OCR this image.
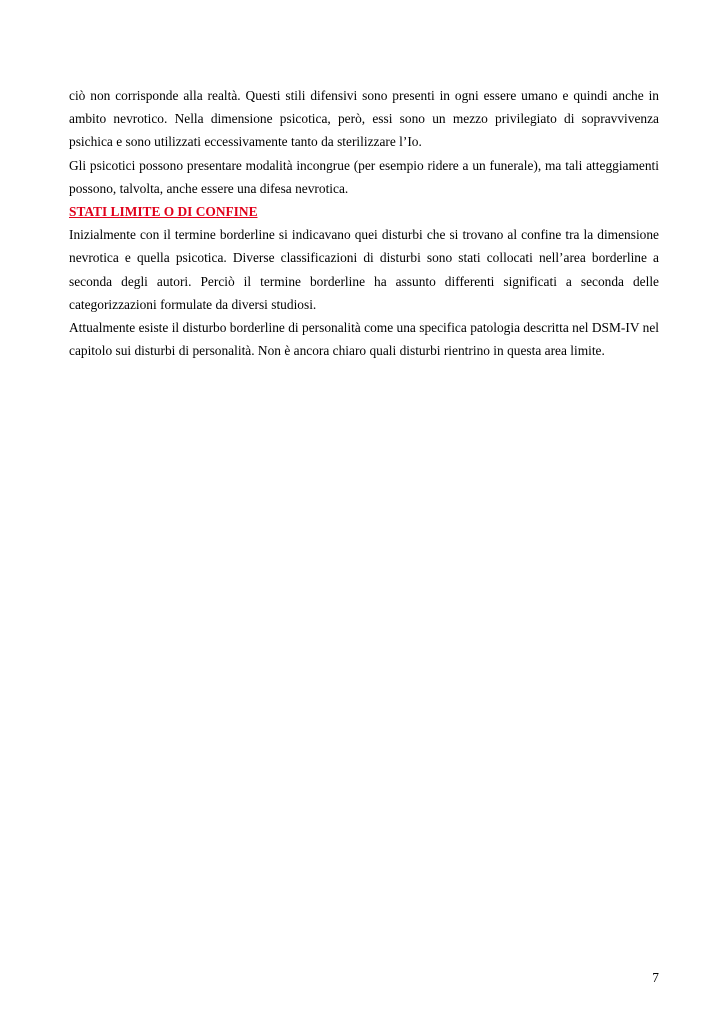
ciò non corrisponde alla realtà. Questi stili difensivi sono presenti in ogni essere umano e quindi anche in ambito nevrotico. Nella dimensione psicotica, però, essi sono un mezzo privilegiato di sopravvivenza psichica e sono utilizzati eccessivamente tanto da sterilizzare l’Io.

Gli psicotici possono presentare modalità incongrue (per esempio ridere a un funerale), ma tali atteggiamenti possono, talvolta, anche essere una difesa nevrotica.

STATI LIMITE O DI CONFINE

Inizialmente con il termine borderline si indicavano quei disturbi che si trovano al confine tra la dimensione nevrotica e quella psicotica. Diverse classificazioni di disturbi sono stati collocati nell’area borderline a seconda degli autori. Perciò il termine borderline ha assunto differenti significati a seconda delle categorizzazioni formulate da diversi studiosi.

Attualmente esiste il disturbo borderline di personalità come una specifica patologia descritta nel DSM-IV nel capitolo sui disturbi di personalità. Non è ancora chiaro quali disturbi rientrino in questa area limite.

7
